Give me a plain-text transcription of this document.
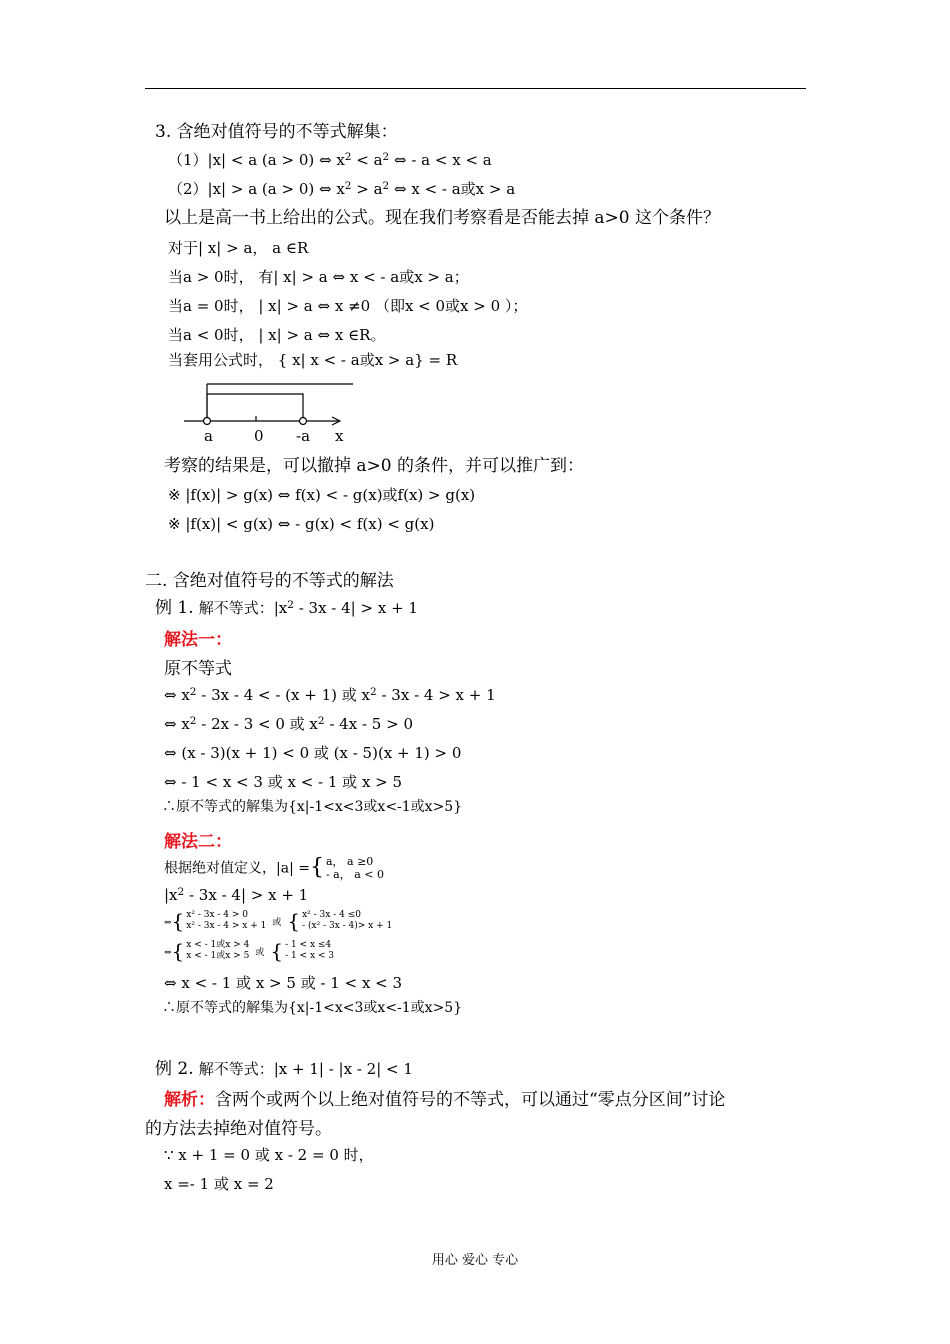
3. 含绝对值符号的不等式解集：
（1）|x| < a (a > 0) ⇔ $x^2 < a^2$ ⇔ - a < x < a
（2）|x| > a (a > 0) ⇔ $x^2 > a^2$ ⇔ x < - a或x > a
以上是高一书上给出的公式。现在我们考察看是否能去掉 a>0 这个条件？
对于| x| > a， a ∈R
当a > 0时， 有| x| > a ⇔ x < - a或x > a；
当a = 0时， | x| > a ⇔ x ≠0 （即x < 0或x > 0 ）；
当a < 0时， | x| > a ⇔ x ∈R。
当套用公式时， { x| x < - a或x > a} = R
a	0 -a x
考察的结果是，可以撤掉 a>0 的条件，并可以推广到：
※ |f(x)| > g(x) ⇔ f(x) < - g(x)或f(x) > g(x)
※ |f(x)| < g(x) ⇔ - g(x) < f(x) < g(x)
二. 含绝对值符号的不等式的解法
例 1. 解不等式：$|x^2 - 3x - 4| > x + 1$
解法一：
原不等式
⇔ $x^2 - 3x - 4$ < - (x + 1) 或 $x^2 - 3x - 4 > x + 1$
⇔ $x^2 - 2x - 3 < 0$ 或 $x^2 - 4x - 5 > 0$
⇔ (x - 3)(x + 1) < 0 或 (x - 5)(x + 1) > 0
⇔ - 1 < x < 3 或 x < - 1 或 x > 5
∴原不等式的解集为{x|-1<x<3或x<-1或x>5}
解法二：
根据绝对值定义，|a| ={ a， a ≥0
- a， a < 0
$|x^2 - 3x - 4| > x + 1$
⇔{ x² - 3x - 4 > 0
x² - 3x - 4 > x + 1 或 { x² - 3x - 4 ≤0
- (x² - 3x - 4)> x + 1
⇔{ x < - 1或x > 4
x < - 1或x > 5 或 { - 1 < x ≤4
- 1 < x < 3
⇔ x < - 1 或 x > 5 或 - 1 < x < 3
∴原不等式的解集为{x|-1<x<3或x<-1或x>5}
例 2. 解不等式：|x + 1| - |x - 2| < 1
解析：含两个或两个以上绝对值符号的不等式，可以通过“零点分区间”讨论
的方法去掉绝对值符号。
∵ x + 1 = 0 或 x - 2 = 0 时，
x =- 1 或 x = 2
用心 爱心 专心
